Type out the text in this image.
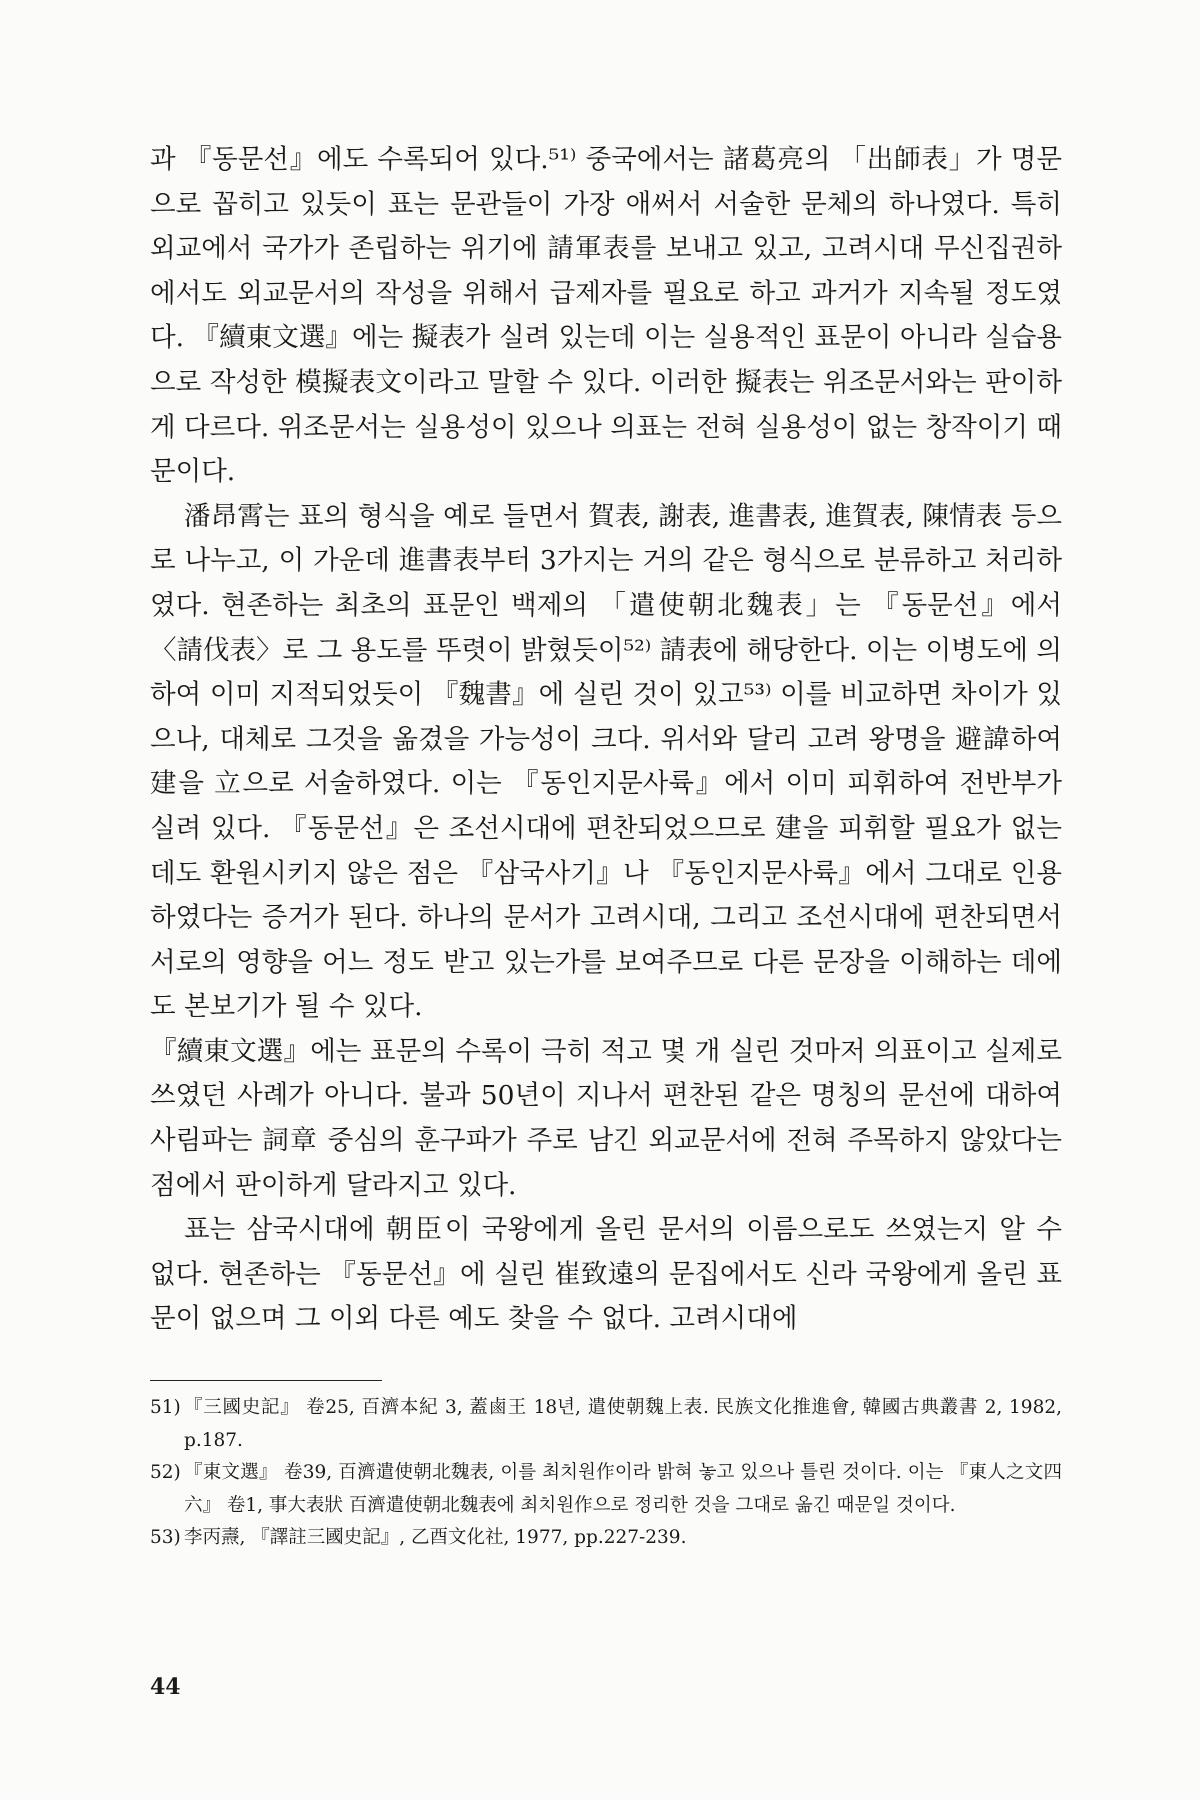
과 『동문선』에도 수록되어 있다.⁵¹⁾ 중국에서는 諸葛亮의 「出師表」가 명문으로 꼽히고 있듯이 표는 문관들이 가장 애써서 서술한 문체의 하나였다. 특히 외교에서 국가가 존립하는 위기에 請軍表를 보내고 있고, 고려시대 무신집권하에서도 외교문서의 작성을 위해서 급제자를 필요로 하고 과거가 지속될 정도였다. 『續東文選』에는 擬表가 실려 있는데 이는 실용적인 표문이 아니라 실습용으로 작성한 模擬表文이라고 말할 수 있다. 이러한 擬表는 위조문서와는 판이하게 다르다. 위조문서는 실용성이 있으나 의표는 전혀 실용성이 없는 창작이기 때문이다.

潘昂霄는 표의 형식을 예로 들면서 賀表, 謝表, 進書表, 進賀表, 陳情表 등으로 나누고, 이 가운데 進書表부터 3가지는 거의 같은 형식으로 분류하고 처리하였다. 현존하는 최초의 표문인 백제의 「遣使朝北魏表」는 『동문선』에서 〈請伐表〉로 그 용도를 뚜렷이 밝혔듯이⁵²⁾ 請表에 해당한다. 이는 이병도에 의하여 이미 지적되었듯이 『魏書』에 실린 것이 있고⁵³⁾ 이를 비교하면 차이가 있으나, 대체로 그것을 옮겼을 가능성이 크다. 위서와 달리 고려 왕명을 避諱하여 建을 立으로 서술하였다. 이는 『동인지문사륙』에서 이미 피휘하여 전반부가 실려 있다. 『동문선』은 조선시대에 편찬되었으므로 建을 피휘할 필요가 없는 데도 환원시키지 않은 점은 『삼국사기』나 『동인지문사륙』에서 그대로 인용하였다는 증거가 된다. 하나의 문서가 고려시대, 그리고 조선시대에 편찬되면서 서로의 영향을 어느 정도 받고 있는가를 보여주므로 다른 문장을 이해하는 데에도 본보기가 될 수 있다.

『續東文選』에는 표문의 수록이 극히 적고 몇 개 실린 것마저 의표이고 실제로 쓰였던 사례가 아니다. 불과 50년이 지나서 편찬된 같은 명칭의 문선에 대하여 사림파는 詞章 중심의 훈구파가 주로 남긴 외교문서에 전혀 주목하지 않았다는 점에서 판이하게 달라지고 있다.

표는 삼국시대에 朝臣이 국왕에게 올린 문서의 이름으로도 쓰였는지 알 수 없다. 현존하는 『동문선』에 실린 崔致遠의 문집에서도 신라 국왕에게 올린 표문이 없으며 그 이외 다른 예도 찾을 수 없다. 고려시대에

51) 『三國史記』 卷25, 百濟本紀 3, 蓋鹵王 18년, 遣使朝魏上表. 民族文化推進會, 韓國古典叢書 2, 1982, p.187.
52) 『東文選』 卷39, 百濟遣使朝北魏表, 이를 최치원作이라 밝혀 놓고 있으나 틀린 것이다. 이는 『東人之文四六』 卷1, 事大表狀 百濟遣使朝北魏表에 최치원作으로 정리한 것을 그대로 옮긴 때문일 것이다.
53) 李丙燾, 『譯註三國史記』, 乙酉文化社, 1977, pp.227-239.
44
